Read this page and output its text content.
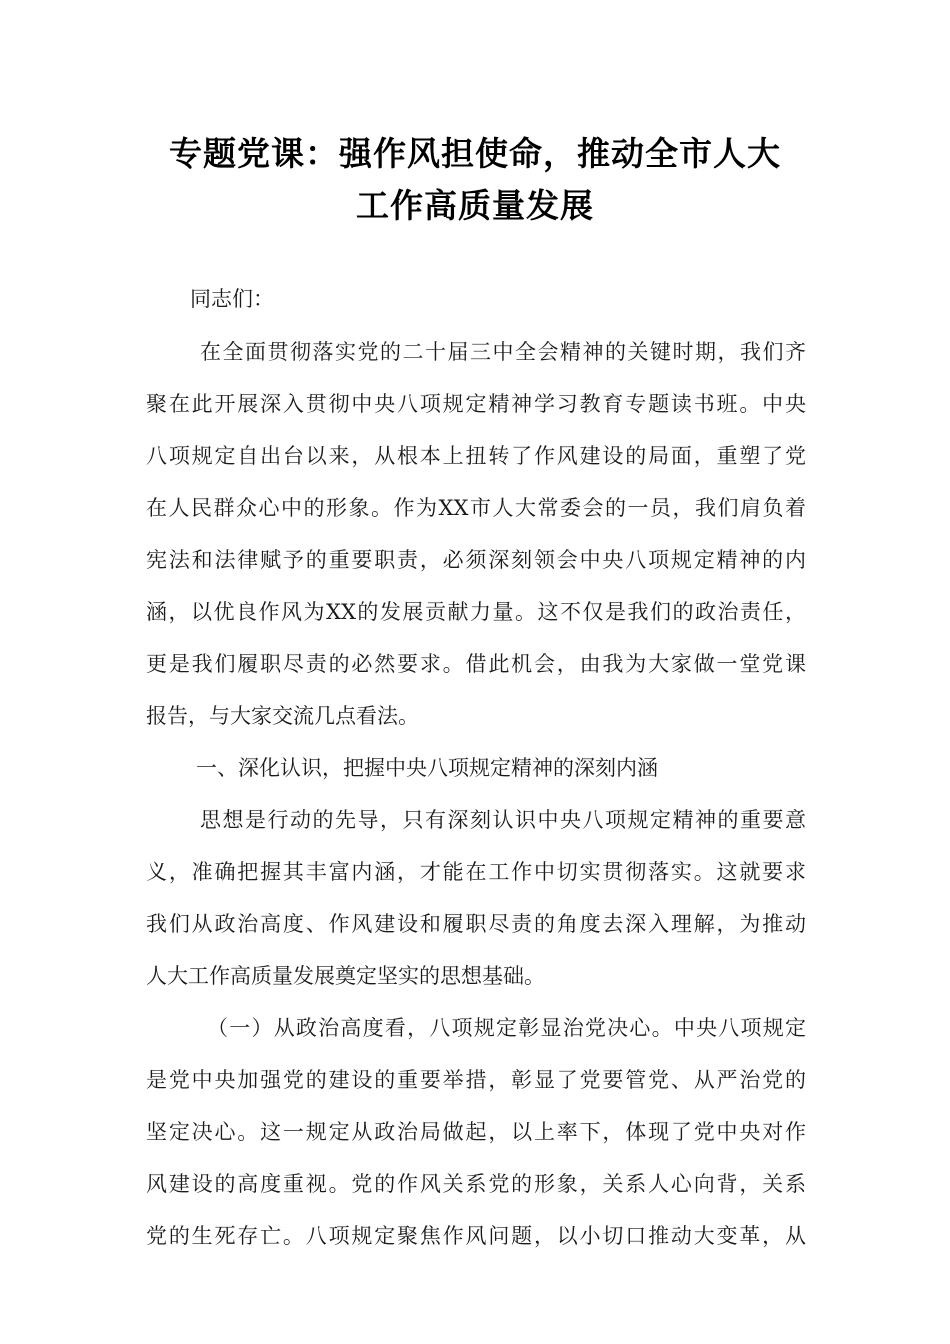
专题党课：强作风担使命，推动全市人大
工作高质量发展
同志们：
在全面贯彻落实党的二十届三中全会精神的关键时期，我们齐
聚在此开展深入贯彻中央八项规定精神学习教育专题读书班。中央
八项规定自出台以来，从根本上扭转了作风建设的局面，重塑了党
在人民群众心中的形象。作为XX市人大常委会的一员，我们肩负着
宪法和法律赋予的重要职责，必须深刻领会中央八项规定精神的内
涵，以优良作风为XX的发展贡献力量。这不仅是我们的政治责任，
更是我们履职尽责的必然要求。借此机会，由我为大家做一堂党课
报告，与大家交流几点看法。
一、深化认识，把握中央八项规定精神的深刻内涵
思想是行动的先导，只有深刻认识中央八项规定精神的重要意
义，准确把握其丰富内涵，才能在工作中切实贯彻落实。这就要求
我们从政治高度、作风建设和履职尽责的角度去深入理解，为推动
人大工作高质量发展奠定坚实的思想基础。
（一）从政治高度看，八项规定彰显治党决心。中央八项规定
是党中央加强党的建设的重要举措，彰显了党要管党、从严治党的
坚定决心。这一规定从政治局做起，以上率下，体现了党中央对作
风建设的高度重视。党的作风关系党的形象，关系人心向背，关系
党的生死存亡。八项规定聚焦作风问题，以小切口推动大变革，从
